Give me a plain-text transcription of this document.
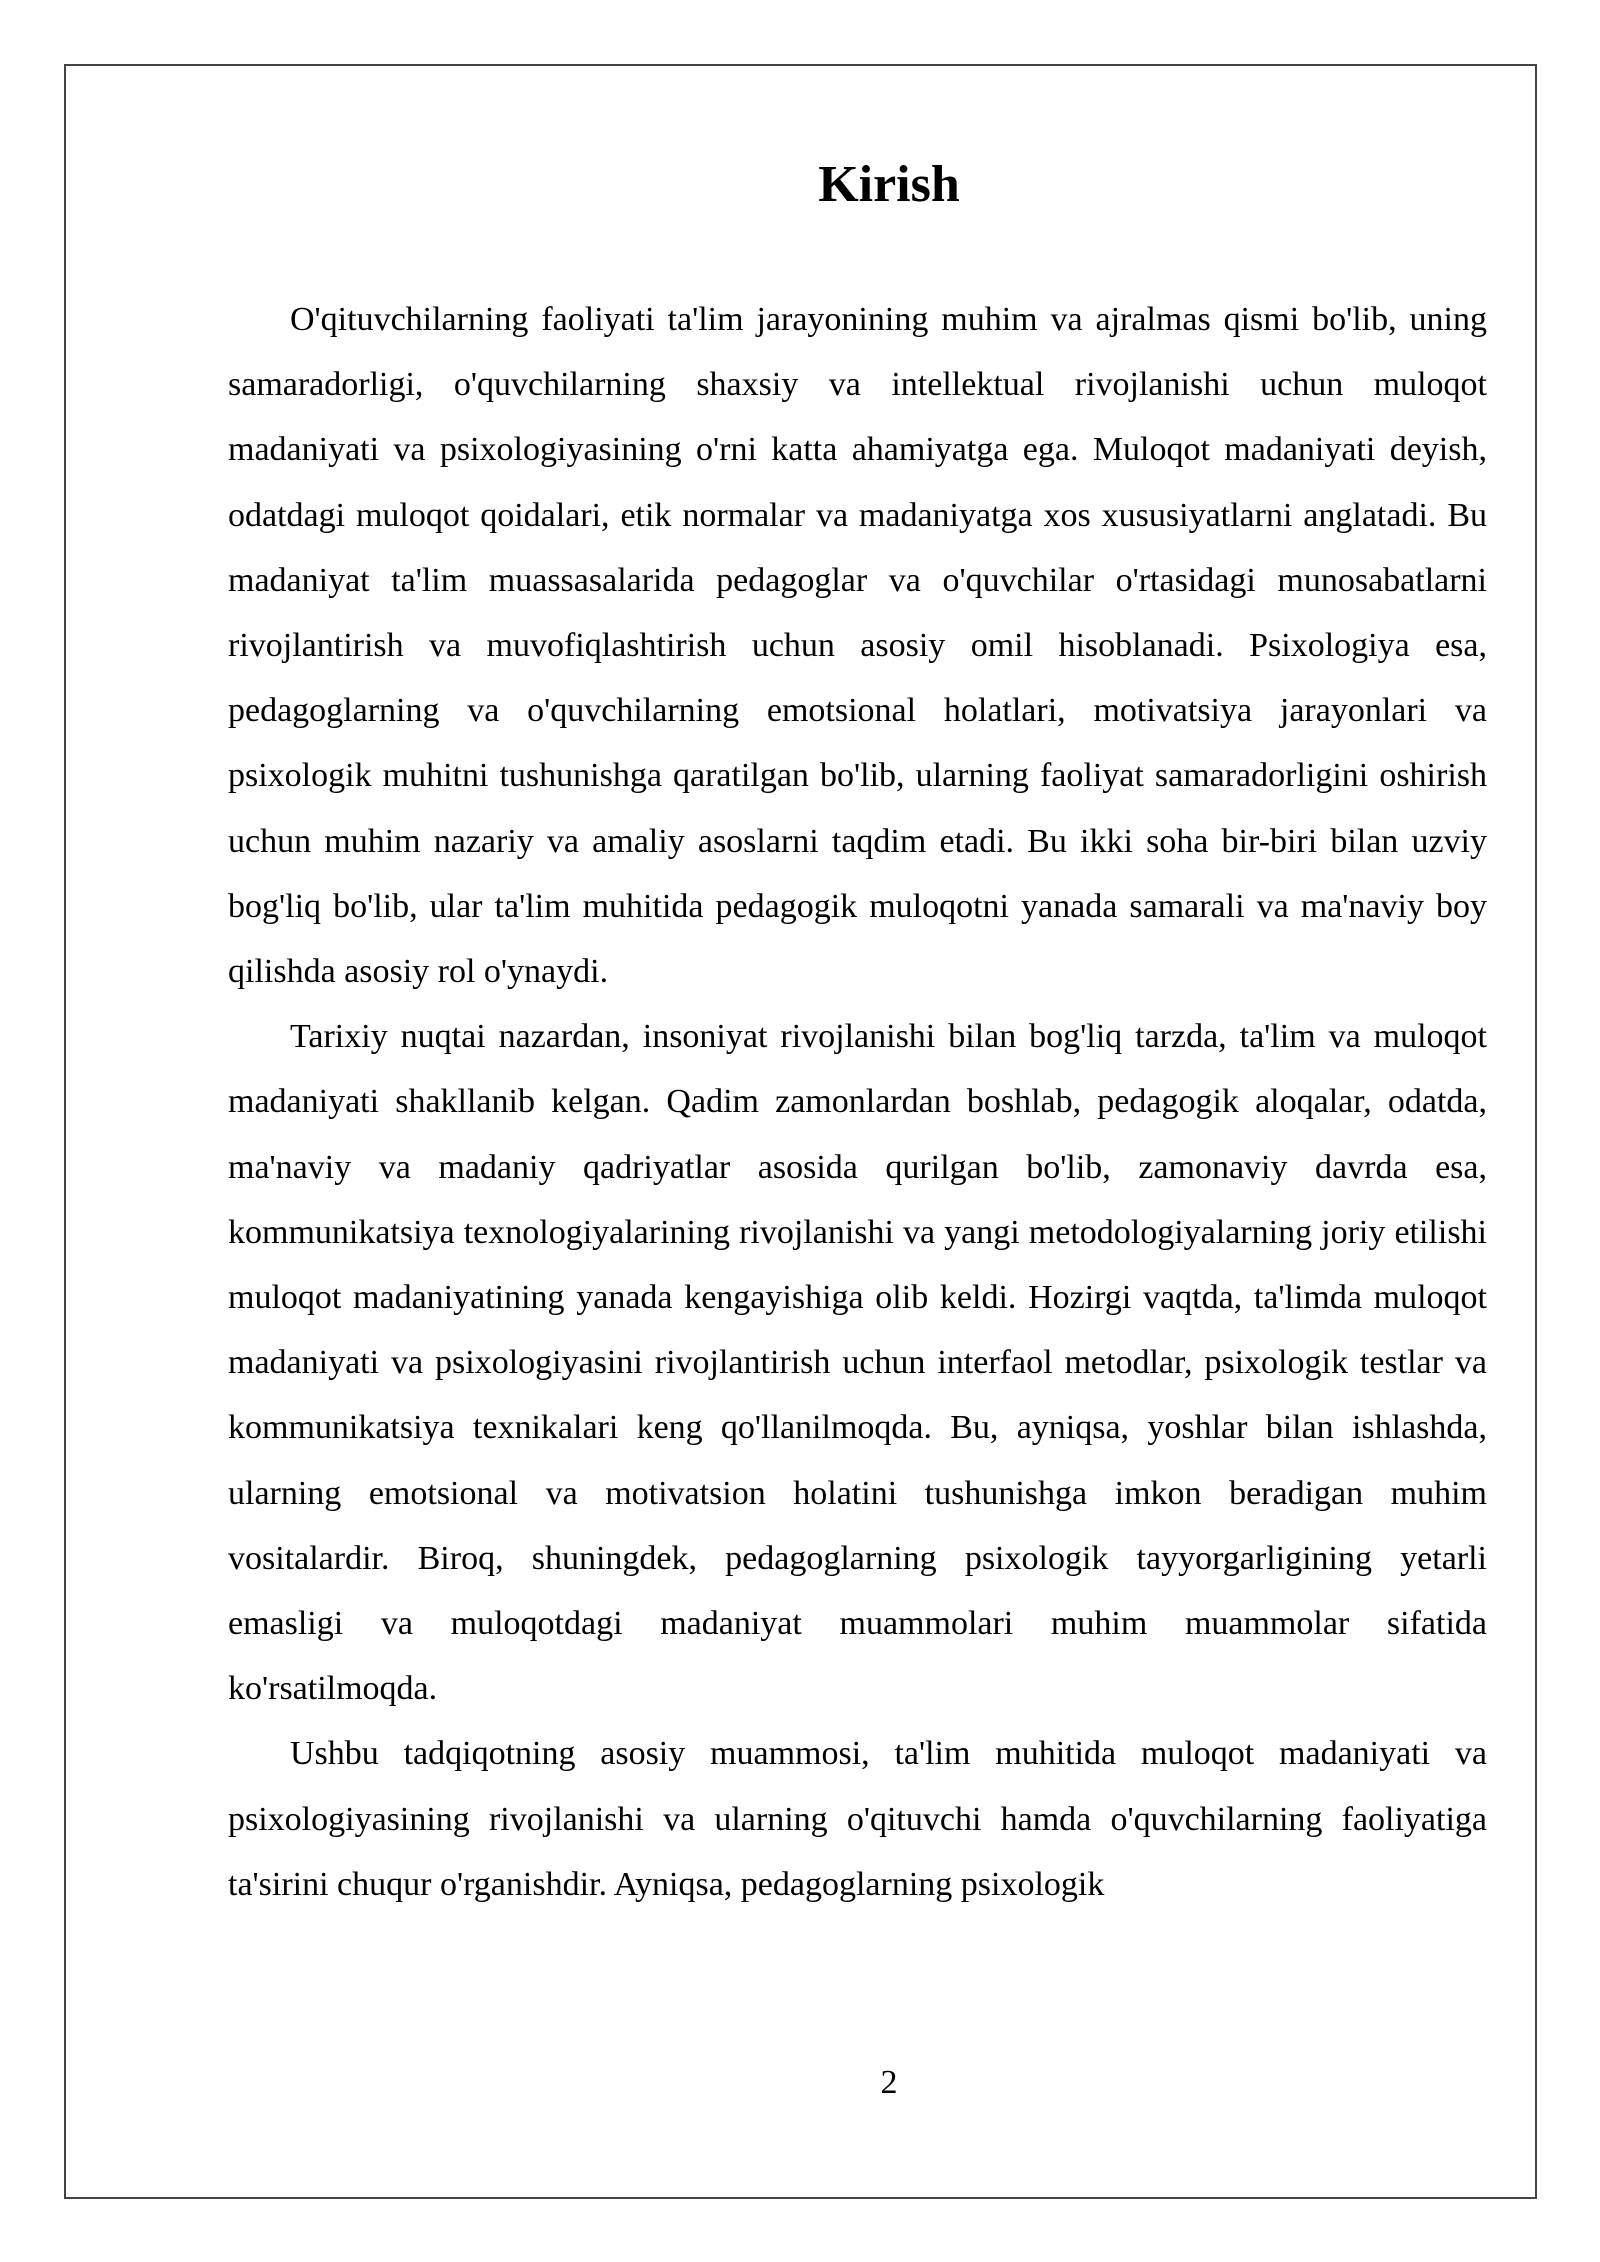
Kirish

O'qituvchilarning faoliyati ta'lim jarayonining muhim va ajralmas qismi bo'lib, uning samaradorligi, o'quvchilarning shaxsiy va intellektual rivojlanishi uchun muloqot madaniyati va psixologiyasining o'rni katta ahamiyatga ega. Muloqot madaniyati deyish, odatdagi muloqot qoidalari, etik normalar va madaniyatga xos xususiyatlarni anglatadi. Bu madaniyat ta'lim muassasalarida pedagoglar va o'quvchilar o'rtasidagi munosabatlarni rivojlantirish va muvofiqlashtirish uchun asosiy omil hisoblanadi. Psixologiya esa, pedagoglarning va o'quvchilarning emotsional holatlari, motivatsiya jarayonlari va psixologik muhitni tushunishga qaratilgan bo'lib, ularning faoliyat samaradorligini oshirish uchun muhim nazariy va amaliy asoslarni taqdim etadi. Bu ikki soha bir-biri bilan uzviy bog'liq bo'lib, ular ta'lim muhitida pedagogik muloqotni yanada samarali va ma'naviy boy qilishda asosiy rol o'ynaydi.

Tarixiy nuqtai nazardan, insoniyat rivojlanishi bilan bog'liq tarzda, ta'lim va muloqot madaniyati shakllanib kelgan. Qadim zamonlardan boshlab, pedagogik aloqalar, odatda, ma'naviy va madaniy qadriyatlar asosida qurilgan bo'lib, zamonaviy davrda esa, kommunikatsiya texnologiyalarining rivojlanishi va yangi metodologiyalarning joriy etilishi muloqot madaniyatining yanada kengayishiga olib keldi. Hozirgi vaqtda, ta'limda muloqot madaniyati va psixologiyasini rivojlantirish uchun interfaol metodlar, psixologik testlar va kommunikatsiya texnikalari keng qo'llanilmoqda. Bu, ayniqsa, yoshlar bilan ishlashda, ularning emotsional va motivatsion holatini tushunishga imkon beradigan muhim vositalardir. Biroq, shuningdek, pedagoglarning psixologik tayyorgarligining yetarli emasligi va muloqotdagi madaniyat muammolari muhim muammolar sifatida ko'rsatilmoqda.

Ushbu tadqiqotning asosiy muammosi, ta'lim muhitida muloqot madaniyati va psixologiyasining rivojlanishi va ularning o'qituvchi hamda o'quvchilarning faoliyatiga ta'sirini chuqur o'rganishdir. Ayniqsa, pedagoglarning psixologik

2
